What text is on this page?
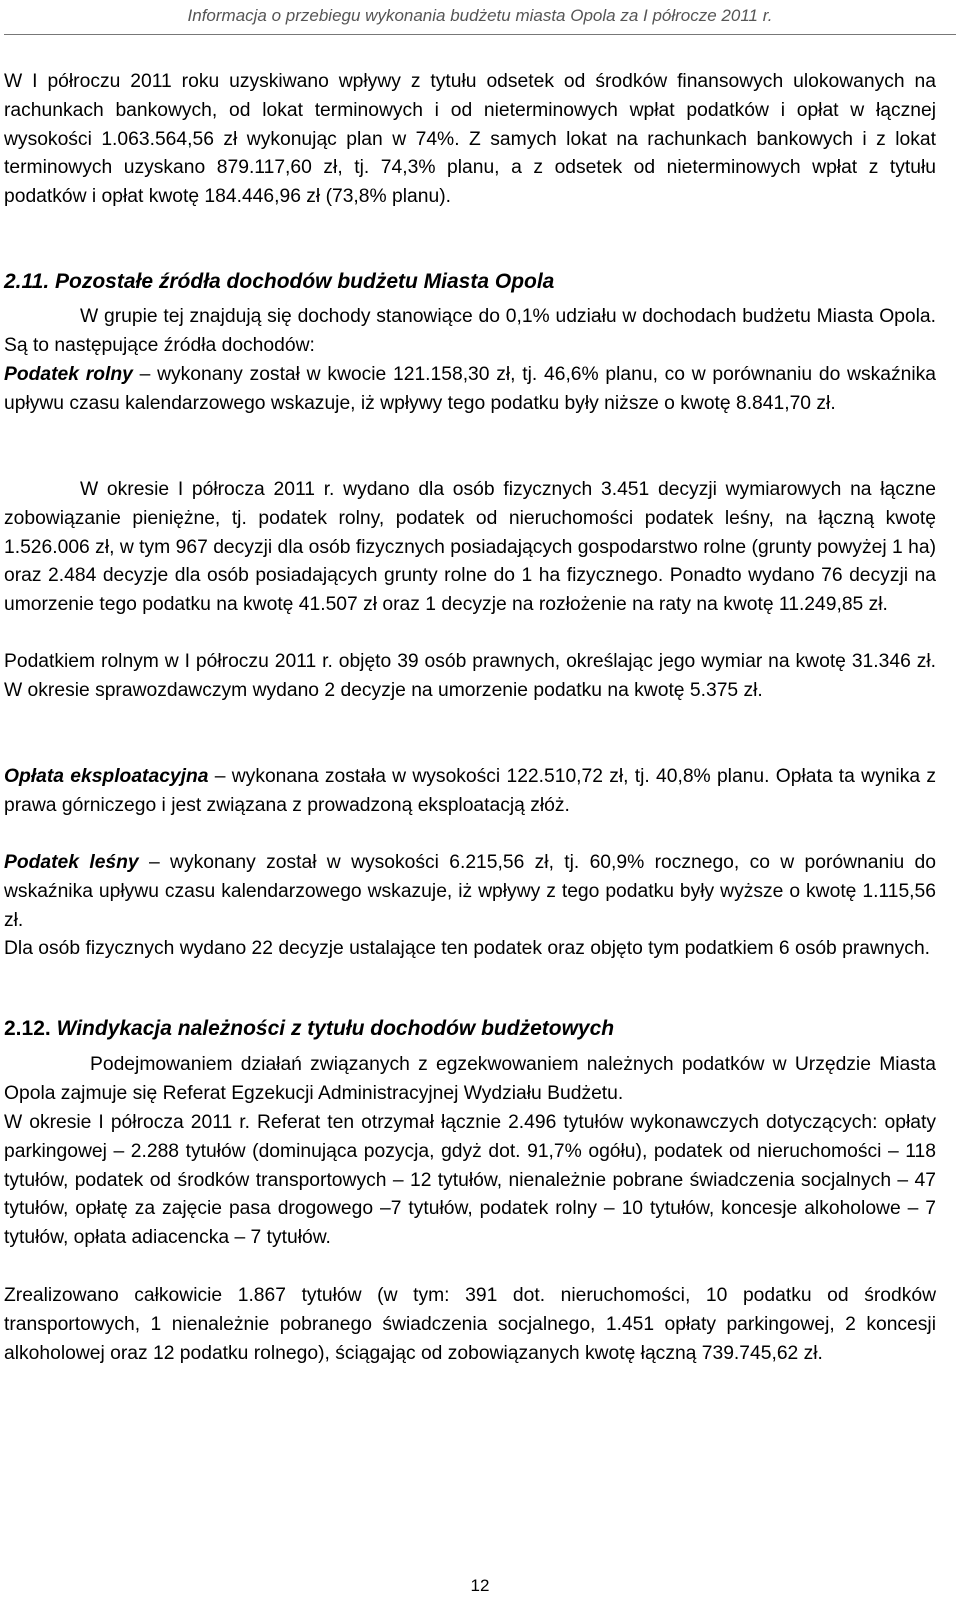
Informacja o przebiegu wykonania budżetu miasta Opola za I półrocze 2011 r.

W I półroczu 2011 roku uzyskiwano wpływy z tytułu odsetek od środków finansowych ulokowanych na rachunkach bankowych, od lokat terminowych i od nieterminowych wpłat podatków i opłat w łącznej wysokości 1.063.564,56 zł wykonując plan w 74%. Z samych lokat na rachunkach bankowych i z lokat terminowych uzyskano 879.117,60 zł, tj. 74,3% planu, a z odsetek od nieterminowych wpłat z tytułu podatków i opłat kwotę 184.446,96 zł (73,8% planu).

2.11. Pozostałe źródła dochodów budżetu Miasta Opola

W grupie tej znajdują się dochody stanowiące do 0,1% udziału w dochodach budżetu Miasta Opola. Są to następujące źródła dochodów:

Podatek rolny – wykonany został w kwocie 121.158,30 zł, tj. 46,6% planu, co w porównaniu do wskaźnika upływu czasu kalendarzowego wskazuje, iż wpływy tego podatku były niższe o kwotę 8.841,70 zł.

W okresie I półrocza 2011 r. wydano dla osób fizycznych 3.451 decyzji wymiarowych na łączne zobowiązanie pieniężne, tj. podatek rolny, podatek od nieruchomości podatek leśny, na łączną kwotę 1.526.006 zł, w tym 967 decyzji dla osób fizycznych posiadających gospodarstwo rolne (grunty powyżej 1 ha) oraz 2.484 decyzje dla osób posiadających grunty rolne do 1 ha fizycznego. Ponadto wydano 76 decyzji na umorzenie tego podatku na kwotę 41.507 zł oraz 1 decyzje na rozłożenie na raty na kwotę 11.249,85 zł.

Podatkiem rolnym w I półroczu 2011 r. objęto 39 osób prawnych, określając jego wymiar na kwotę 31.346 zł. W okresie sprawozdawczym wydano 2 decyzje na umorzenie podatku na kwotę 5.375 zł.

Opłata eksploatacyjna – wykonana została w wysokości 122.510,72 zł, tj. 40,8% planu. Opłata ta wynika z prawa górniczego i jest związana z prowadzoną eksploatacją złóż.

Podatek leśny – wykonany został w wysokości 6.215,56 zł, tj. 60,9% rocznego, co w porównaniu do wskaźnika upływu czasu kalendarzowego wskazuje, iż wpływy z tego podatku były wyższe o kwotę 1.115,56 zł.

Dla osób fizycznych wydano 22 decyzje ustalające ten podatek oraz objęto tym podatkiem 6 osób prawnych.

2.12. Windykacja należności z tytułu dochodów budżetowych

Podejmowaniem działań związanych z egzekwowaniem należnych podatków w Urzędzie Miasta Opola zajmuje się Referat Egzekucji Administracyjnej Wydziału Budżetu.

W okresie I półrocza 2011 r. Referat ten otrzymał łącznie 2.496 tytułów wykonawczych dotyczących: opłaty parkingowej – 2.288 tytułów (dominująca pozycja, gdyż dot. 91,7% ogółu), podatek od nieruchomości – 118 tytułów, podatek od środków transportowych – 12 tytułów, nienależnie pobrane świadczenia socjalnych – 47 tytułów, opłatę za zajęcie pasa drogowego –7 tytułów, podatek rolny – 10 tytułów, koncesje alkoholowe – 7 tytułów, opłata adiacencka – 7 tytułów.

Zrealizowano całkowicie 1.867 tytułów (w tym: 391 dot. nieruchomości, 10 podatku od środków transportowych, 1 nienależnie pobranego świadczenia socjalnego, 1.451 opłaty parkingowej, 2 koncesji alkoholowej oraz 12 podatku rolnego), ściągając od zobowiązanych kwotę łączną 739.745,62 zł.

12
